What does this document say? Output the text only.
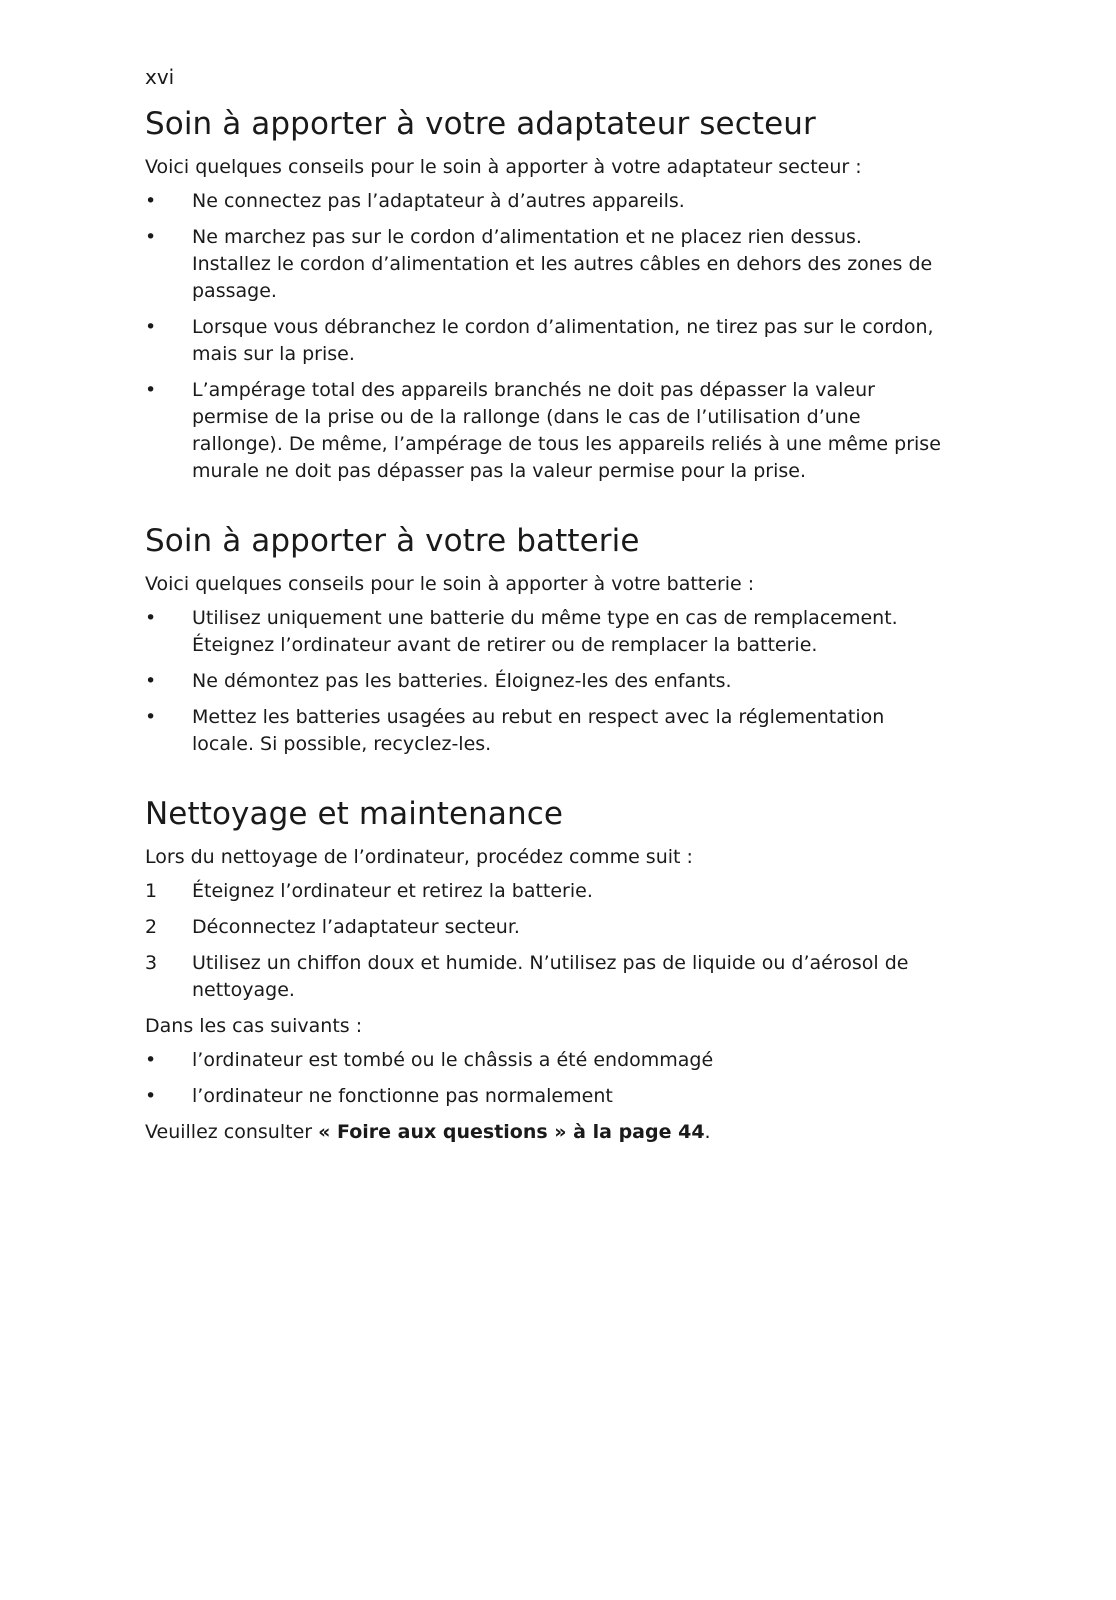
xvi
Soin à apporter à votre adaptateur secteur

Voici quelques conseils pour le soin à apporter à votre adaptateur secteur :

•	Ne connectez pas l’adaptateur à d’autres appareils.
•	Ne marchez pas sur le cordon d’alimentation et ne placez rien dessus. Installez le cordon d’alimentation et les autres câbles en dehors des zones de passage.
•	Lorsque vous débranchez le cordon d’alimentation, ne tirez pas sur le cordon, mais sur la prise.
•	L’ampérage total des appareils branchés ne doit pas dépasser la valeur permise de la prise ou de la rallonge (dans le cas de l’utilisation d’une rallonge). De même, l’ampérage de tous les appareils reliés à une même prise murale ne doit pas dépasser pas la valeur permise pour la prise.
Soin à apporter à votre batterie

Voici quelques conseils pour le soin à apporter à votre batterie :

•	Utilisez uniquement une batterie du même type en cas de remplacement. Éteignez l’ordinateur avant de retirer ou de remplacer la batterie.
•	Ne démontez pas les batteries. Éloignez-les des enfants.
•	Mettez les batteries usagées au rebut en respect avec la réglementation locale. Si possible, recyclez-les.
Nettoyage et maintenance

Lors du nettoyage de l’ordinateur, procédez comme suit :

1	Éteignez l’ordinateur et retirez la batterie.
2	Déconnectez l’adaptateur secteur.
3	Utilisez un chiffon doux et humide. N’utilisez pas de liquide ou d’aérosol de nettoyage.

Dans les cas suivants :

•	l’ordinateur est tombé ou le châssis a été endommagé
•	l’ordinateur ne fonctionne pas normalement

Veuillez consulter « Foire aux questions » à la page 44.
